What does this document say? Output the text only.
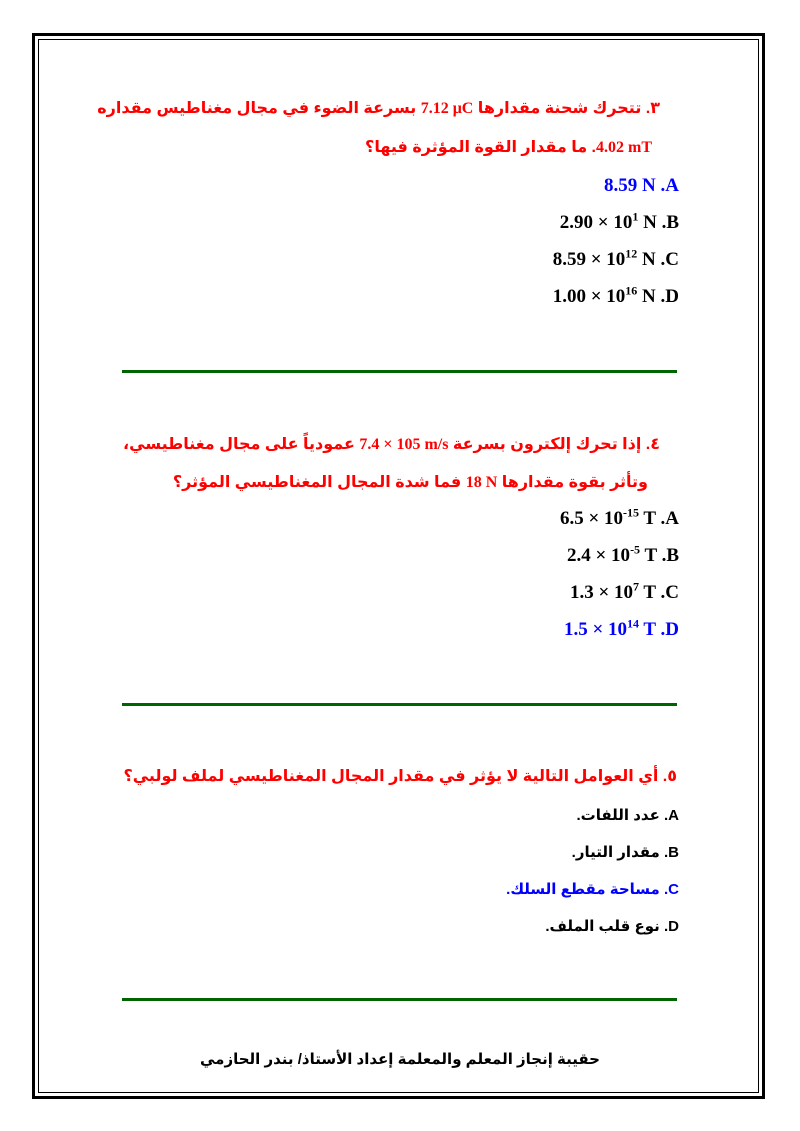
٣. تتحرك شحنة مقدارها 7.12 μC بسرعة الضوء في مجال مغناطيس مقداره
4.02 mT. ما مقدار القوة المؤثرة فيها؟
8.59 N .A
$2.90 \times 10^1$ N .B
$8.59 \times 10^{12}$ N .C
$1.00 \times 10^{16}$ N .D
٤. إذا تحرك إلكترون بسرعة 7.4 × 105 m/s عمودياً على مجال مغناطيسي،
وتأثر بقوة مقدارها 18 N فما شدة المجال المغناطيسي المؤثر؟
$6.5 \times 10^{-15}$ T .A
$2.4 \times 10^{-5}$ T .B
$1.3 \times 10^7$ T .C
$1.5 \times 10^{14}$ T .D
٥. أي العوامل التالية لا يؤثر في مقدار المجال المغناطيسي لملف لولبي؟
. عدد اللفات.A
. مقدار التيار.B
. مساحة مقطع السلك.C
. نوع قلب الملف.D
حقيبة إنجاز المعلم والمعلمة إعداد الأستاذ/ بندر الحازمي
